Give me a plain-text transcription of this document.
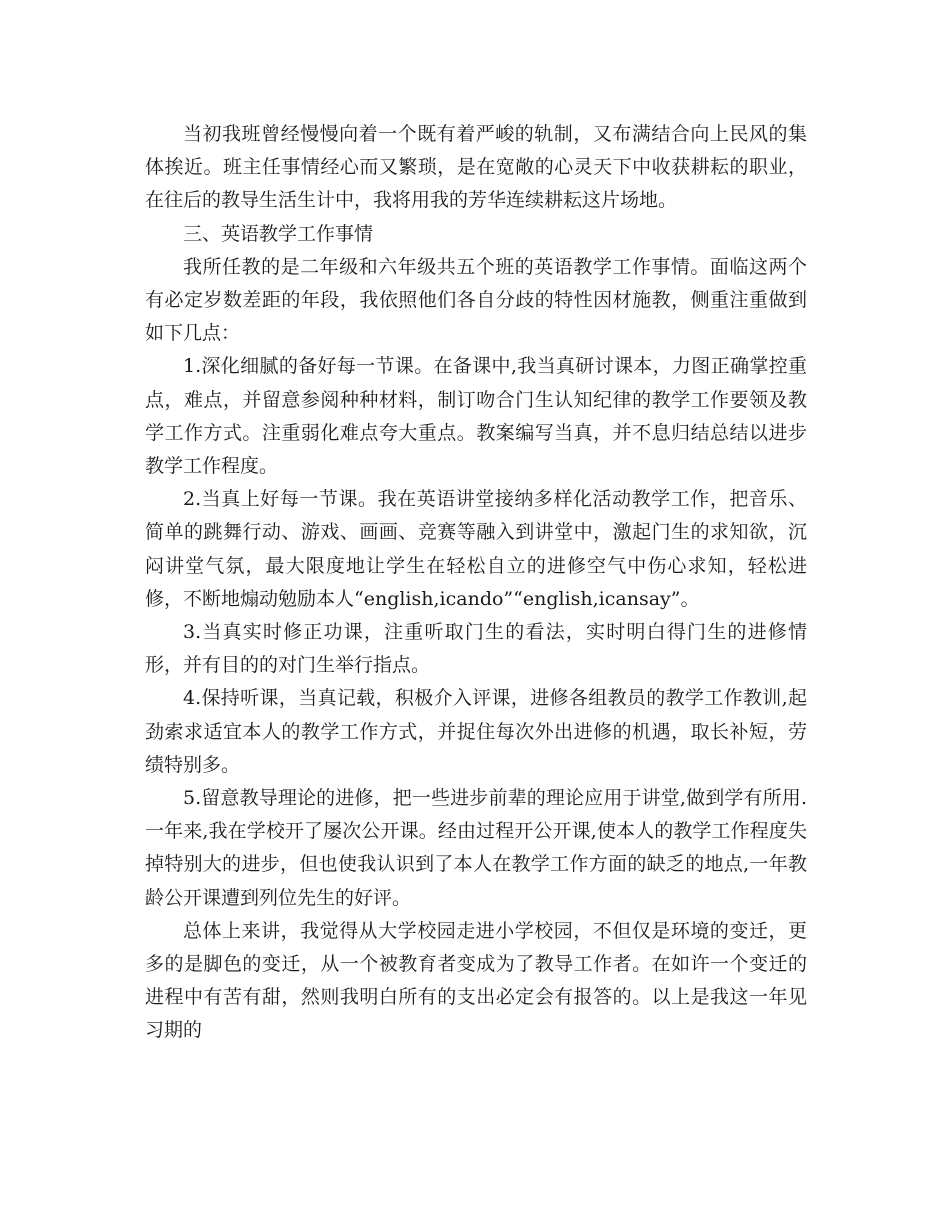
当初我班曾经慢慢向着一个既有着严峻的轨制，又布满结合向上民风的集体挨近。班主任事情经心而又繁琐，是在宽敞的心灵天下中收获耕耘的职业，在往后的教导生活生计中，我将用我的芳华连续耕耘这片场地。

三、英语教学工作事情

我所任教的是二年级和六年级共五个班的英语教学工作事情。面临这两个有必定岁数差距的年段，我依照他们各自分歧的特性因材施教，侧重注重做到如下几点：

1.深化细腻的备好每一节课。在备课中,我当真研讨课本，力图正确掌控重点，难点，并留意参阅种种材料，制订吻合门生认知纪律的教学工作要领及教学工作方式。注重弱化难点夸大重点。教案编写当真，并不息归结总结以进步教学工作程度。

2.当真上好每一节课。我在英语讲堂接纳多样化活动教学工作，把音乐、简单的跳舞行动、游戏、画画、竞赛等融入到讲堂中，激起门生的求知欲，沉闷讲堂气氛，最大限度地让学生在轻松自立的进修空气中伤心求知，轻松进修，不断地煽动勉励本人“english,icando”“english,icansay”。

3.当真实时修正功课，注重听取门生的看法，实时明白得门生的进修情形，并有目的的对门生举行指点。

4.保持听课，当真记载，积极介入评课，进修各组教员的教学工作教训,起劲索求适宜本人的教学工作方式，并捉住每次外出进修的机遇，取长补短，劳绩特别多。

5.留意教导理论的进修，把一些进步前辈的理论应用于讲堂,做到学有所用.一年来,我在学校开了屡次公开课。经由过程开公开课,使本人的教学工作程度失掉特别大的进步，但也使我认识到了本人在教学工作方面的缺乏的地点,一年教龄公开课遭到列位先生的好评。

总体上来讲，我觉得从大学校园走进小学校园，不但仅是环境的变迁，更多的是脚色的变迁，从一个被教育者变成为了教导工作者。在如许一个变迁的进程中有苦有甜，然则我明白所有的支出必定会有报答的。以上是我这一年见习期的
